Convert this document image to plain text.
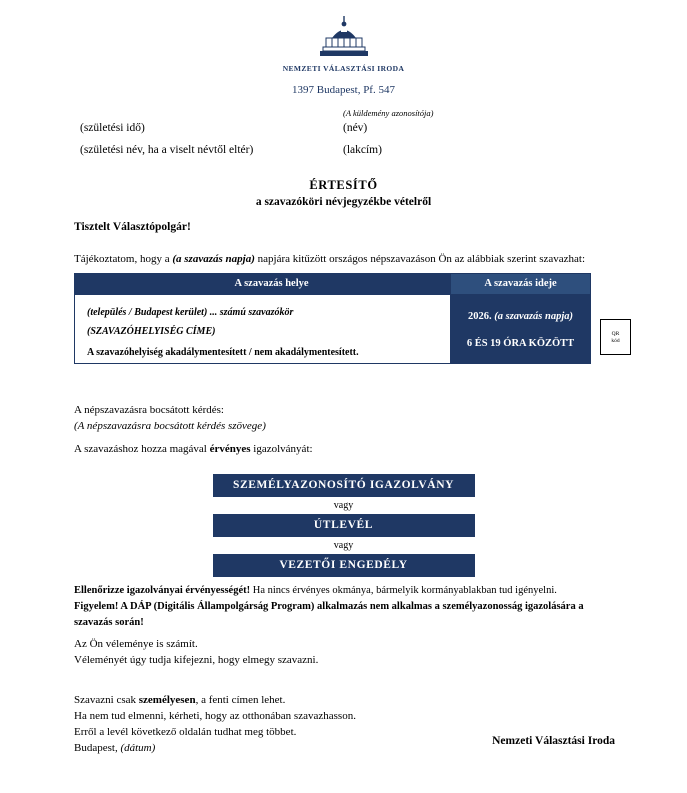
NEMZETI VÁLASZTÁSI IRODA
1397 Budapest, Pf. 547
(A küldemény azonosítója)
(születési idő)	(név)
(születési név, ha a viselt névtől eltér)	(lakcím)
ÉRTESÍTŐ
a szavazóköri névjegyzékbe vételről
Tisztelt Választópolgár!
Tájékoztatom, hogy a (a szavazás napja) napjára kitűzött országos népszavazáson Ön az alábbiak szerint szavazhat:
A szavazás helye
(település / Budapest kerület) ... számú szavazókör
(SZAVAZÓHELYISÉG CÍME)
A szavazóhelyiség akadálymentesített / nem akadálymentesített.
A szavazás ideje
2026. (a szavazás napja)
6 ÉS 19 ÓRA KÖZÖTT
QR
kód
A népszavazásra bocsátott kérdés:
(A népszavazásra bocsátott kérdés szövege)
A szavazáshoz hozza magával érvényes igazolványát:
SZEMÉLYAZONOSÍTÓ IGAZOLVÁNY
vagy
ÚTLEVÉL
vagy
VEZETŐI ENGEDÉLY
Ellenőrizze igazolványai érvényességét! Ha nincs érvényes okmánya, bármelyik kormányablakban tud igényelni.
Figyelem! A DÁP (Digitális Állampolgárság Program) alkalmazás nem alkalmas a személyazonosság igazolására a szavazás során!
Az Ön véleménye is számít.
Véleményét úgy tudja kifejezni, hogy elmegy szavazni.
Szavazni csak személyesen, a fenti címen lehet.
Ha nem tud elmenni, kérheti, hogy az otthonában szavazhasson.
Erről a levél következő oldalán tudhat meg többet.
Budapest, (dátum)
Nemzeti Választási Iroda
